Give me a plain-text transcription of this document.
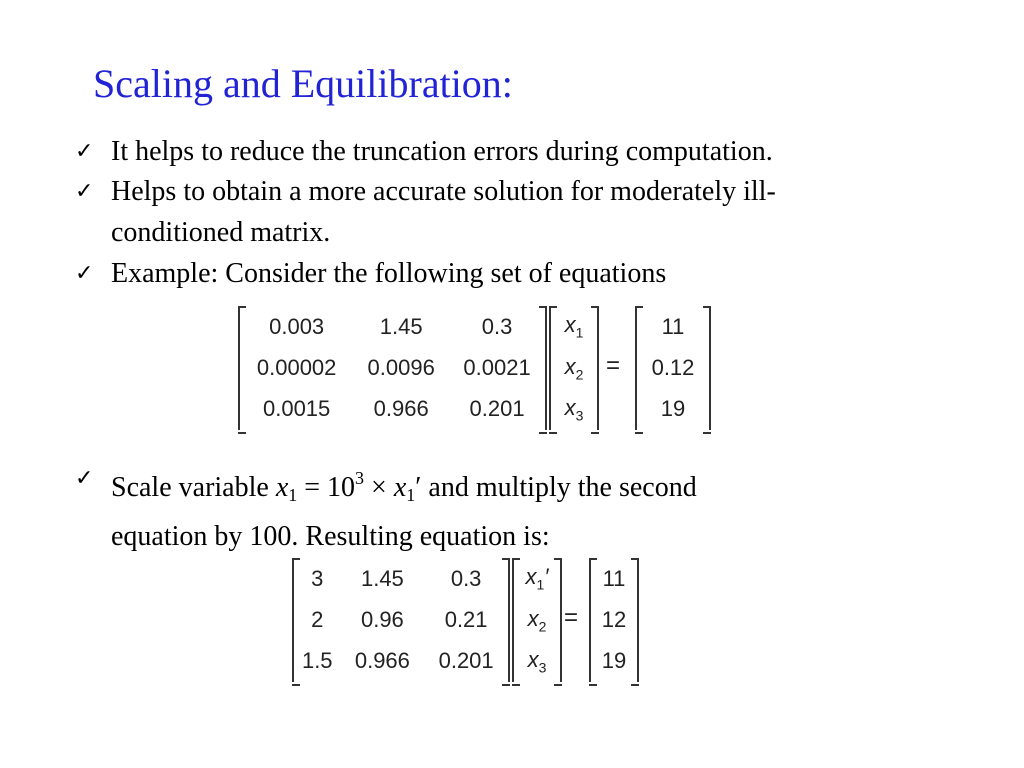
Scaling and Equilibration:
✓ It helps to reduce the truncation errors during computation.
✓ Helps to obtain a more accurate solution for moderately ill-
conditioned matrix.
✓ Example: Consider the following set of equations
✓ Scale variable $x_1 = 10^3 \times x_1'$ and multiply the second
equation by 100. Resulting equation is:
0.003	1.45	0.3
0.00002	0.0096	0.0021
0.0015	0.966	0.201
$x_1$
$x_2$
$x_3$
=
11
0.12
19
3	1.45	0.3
2	0.96	0.21
1.5	0.966	0.201
$x_1'$
$x_2$
$x_3$
=
11
12
19
